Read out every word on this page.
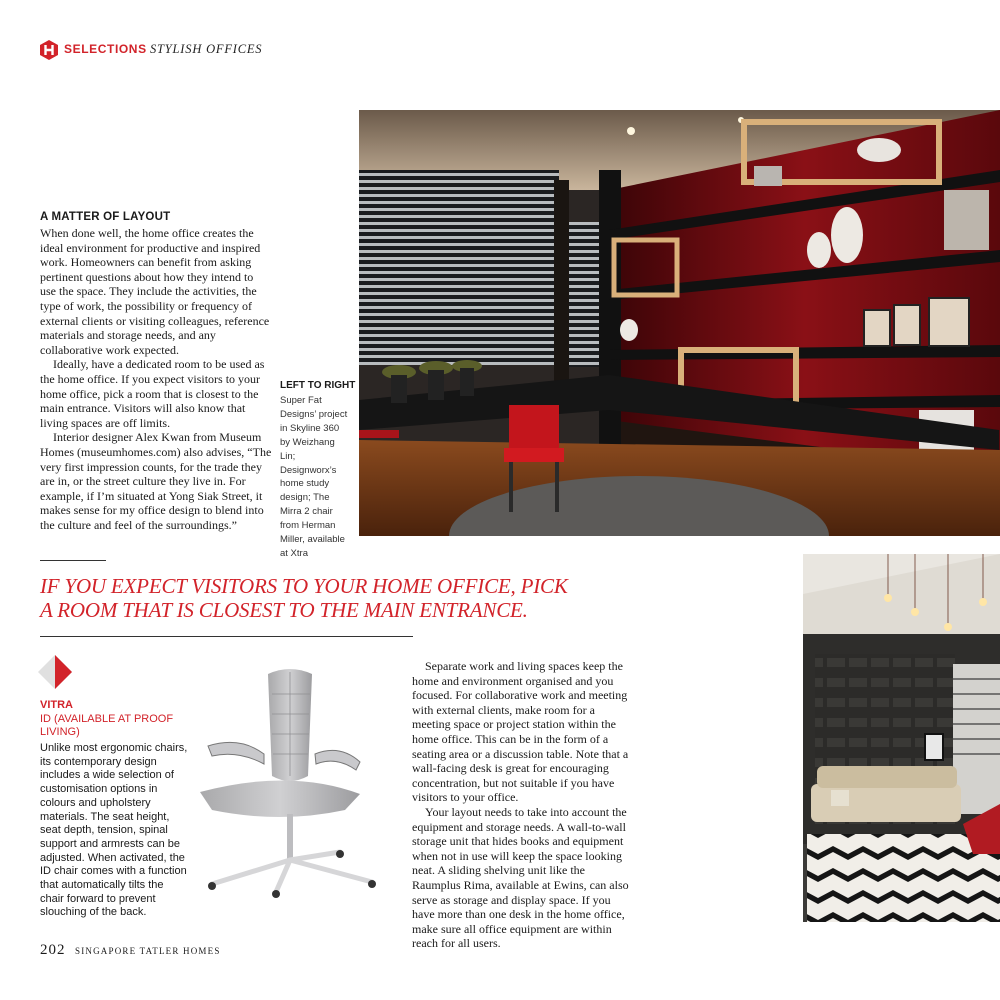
SELECTIONS STYLISH OFFICES
A MATTER OF LAYOUT

When done well, the home office creates the ideal environment for productive and inspired work. Homeowners can benefit from asking pertinent questions about how they intend to use the space. They include the activities, the type of work, the possibility or frequency of external clients or visiting colleagues, reference materials and storage needs, and any collaborative work expected.

Ideally, have a dedicated room to be used as the home office. If you expect visitors to your home office, pick a room that is closest to the main entrance. Visitors will also know that living spaces are off limits.

Interior designer Alex Kwan from Museum Homes (museumhomes.com) also advises, “The very first impression counts, for the trade they are in, or the street culture they live in. For example, if I’m situated at Yong Siak Street, it makes sense for my office design to blend into the culture and feel of the surroundings.”

LEFT TO RIGHT
Super Fat Designs’ project in Skyline 360 by Weizhang Lin; Designworx’s home study design; The Mirra 2 chair from Herman Miller, available at Xtra
IF YOU EXPECT VISITORS TO YOUR HOME OFFICE, PICK
A ROOM THAT IS CLOSEST TO THE MAIN ENTRANCE.
VITRA
ID (AVAILABLE AT PROOF LIVING)
Unlike most ergonomic chairs, its contemporary design includes a wide selection of customisation options in colours and upholstery materials. The seat height, seat depth, tension, spinal support and armrests can be adjusted. When activated, the ID chair comes with a function that automatically tilts the chair forward to prevent slouching of the back.

Separate work and living spaces keep the home and environment organised and you focused. For collaborative work and meeting with external clients, make room for a meeting space or project station within the home office. This can be in the form of a seating area or a discussion table. Note that a wall-facing desk is great for encouraging concentration, but not suitable if you have visitors to your office.

Your layout needs to take into account the equipment and storage needs. A wall-to-wall storage unit that hides books and equipment when not in use will keep the space looking neat. A sliding shelving unit like the Raumplus Rima, available at Ewins, can also serve as storage and display space. If you have more than one desk in the home office, make sure all office equipment are within reach for all users.

202 SINGAPORE TATLER HOMES
